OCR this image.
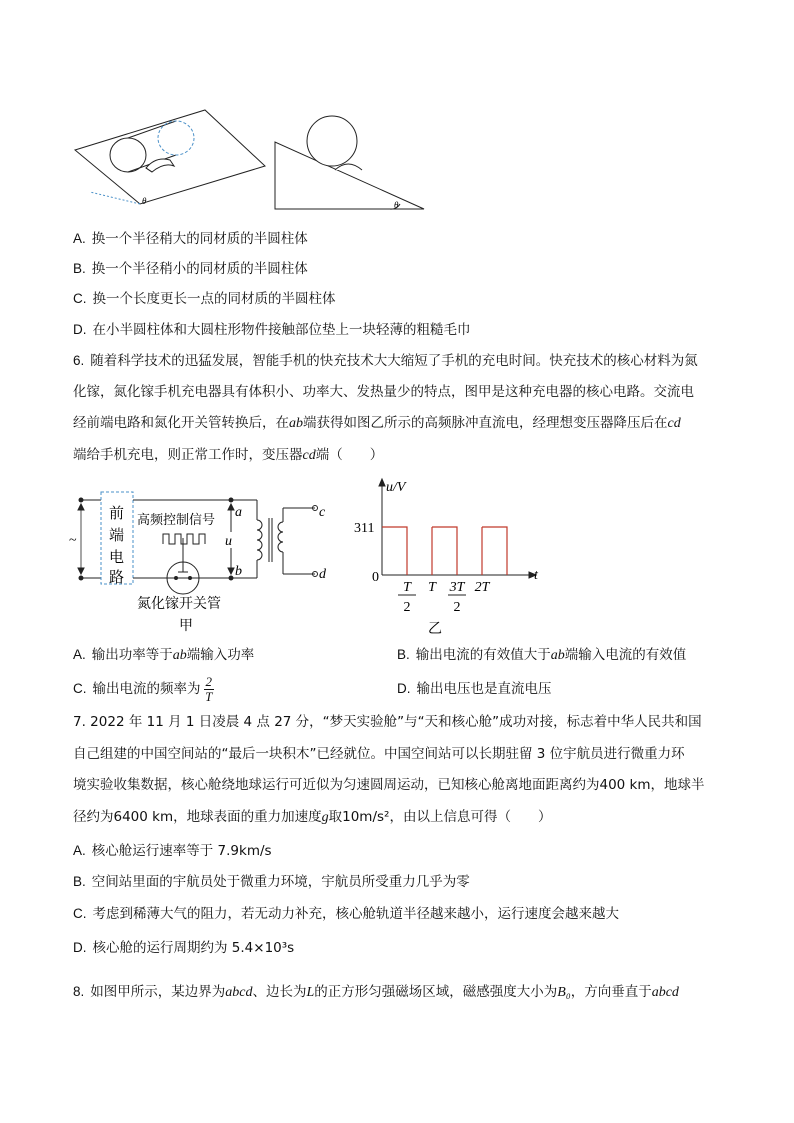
θ	θ
A. 换一个半径稍大的同材质的半圆柱体
B. 换一个半径稍小的同材质的半圆柱体
C. 换一个长度更长一点的同材质的半圆柱体
D. 在小半圆柱体和大圆柱形物件接触部位垫上一块轻薄的粗糙毛巾
6. 随着科学技术的迅猛发展，智能手机的快充技术大大缩短了手机的充电时间。快充技术的核心材料为氮
化镓，氮化镓手机充电器具有体积小、功率大、发热量少的特点，图甲是这种充电器的核心电路。交流电
经前端电路和氮化开关管转换后，在ab端获得如图乙所示的高频脉冲直流电，经理想变压器降压后在cd
端给手机充电，则正常工作时，变压器cd端（　　）
~
前
端
电
路
高频控制信号
a
u
b
c
d
氮化镓开关管
甲
u/V
311
0	t
T
2
T 3T
2
2T
乙
A. 输出功率等于ab端输入功率	B. 输出电流的有效值大于ab端输入电流的有效值
C. 输出电流的频率为 $\frac{2}{T}$	D. 输出电压也是直流电压
7. 2022 年 11 月 1 日凌晨 4 点 27 分，“梦天实验舱”与“天和核心舱”成功对接，标志着中华人民共和国
自己组建的中国空间站的“最后一块积木”已经就位。中国空间站可以长期驻留 3 位宇航员进行微重力环
境实验收集数据，核心舱绕地球运行可近似为匀速圆周运动，已知核心舱离地面距离约为400 km，地球半
径约为6400 km，地球表面的重力加速度g取10m/s²，由以上信息可得（　　）
A. 核心舱运行速率等于 7.9km/s
B. 空间站里面的宇航员处于微重力环境，宇航员所受重力几乎为零
C. 考虑到稀薄大气的阻力，若无动力补充，核心舱轨道半径越来越小，运行速度会越来越大
D. 核心舱的运行周期约为 5.4×10³s
8. 如图甲所示，某边界为abcd、边长为L的正方形匀强磁场区域，磁感强度大小为B₀，方向垂直于abcd
